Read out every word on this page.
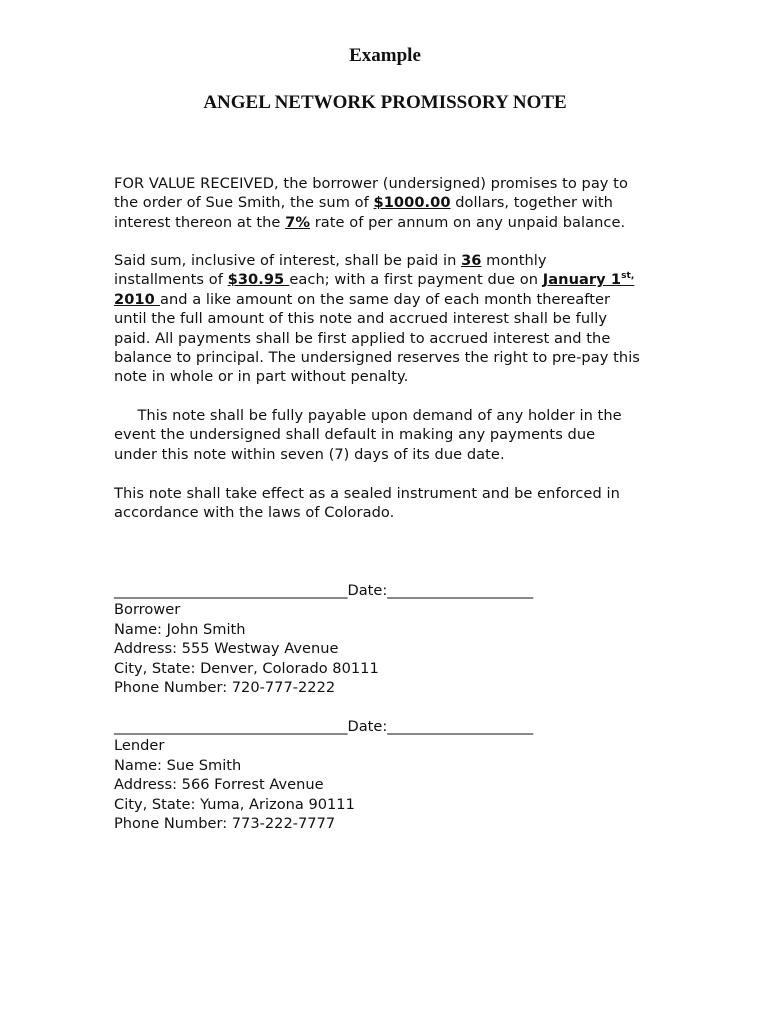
Example
ANGEL NETWORK PROMISSORY NOTE
FOR VALUE RECEIVED, the borrower (undersigned) promises to pay to
the order of Sue Smith, the sum of $1000.00 dollars, together with
interest thereon at the 7% rate of per annum on any unpaid balance.
Said sum, inclusive of interest, shall be paid in 36 monthly
installments of $30.95 each; with a first payment due on January $1^{st,}$
2010 and a like amount on the same day of each month thereafter
until the full amount of this note and accrued interest shall be fully
paid. All payments shall be first applied to accrued interest and the
balance to principal. The undersigned reserves the right to pre-pay this
note in whole or in part without penalty.
This note shall be fully payable upon demand of any holder in the
event the undersigned shall default in making any payments due
under this note within seven (7) days of its due date.
This note shall take effect as a sealed instrument and be enforced in
accordance with the laws of Colorado.
________________________________Date:____________________
Borrower
Name: John Smith
Address: 555 Westway Avenue
City, State: Denver, Colorado 80111
Phone Number: 720-777-2222
________________________________Date:____________________
Lender
Name: Sue Smith
Address: 566 Forrest Avenue
City, State: Yuma, Arizona 90111
Phone Number: 773-222-7777
